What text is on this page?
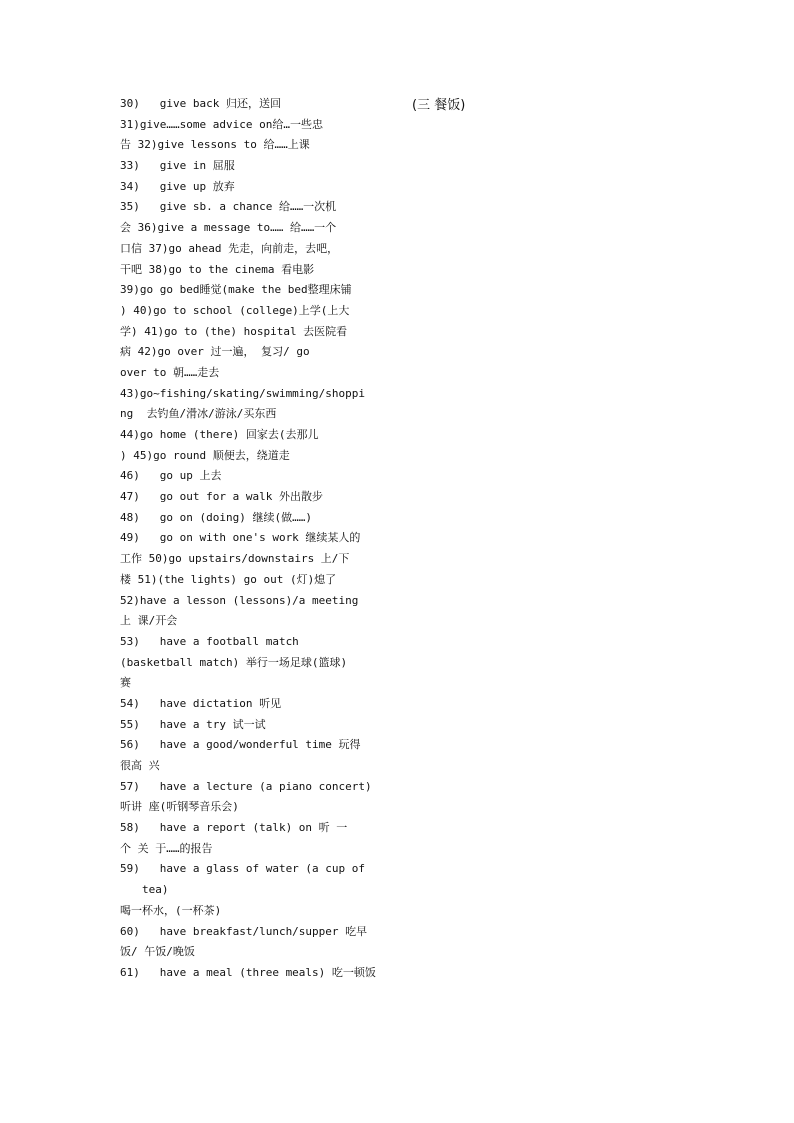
(三 餐饭)
30)   give back 归还，送回
31)give……some advice on给…一些忠
告 32)give lessons to 给……上课
33)   give in 屈服
34)   give up 放弃
35)   give sb. a chance 给……一次机
会 36)give a message to…… 给……一个
口信 37)go ahead 先走，向前走，去吧，
干吧 38)go to the cinema 看电影
39)go go bed睡觉(make the bed整理床铺
) 40)go to school (college)上学(上大
学) 41)go to (the) hospital 去医院看
病 42)go over 过一遍， 复习/ go
over to 朝……走去
43)go~fishing/skating/swimming/shoppi
ng  去钓鱼/滑冰/游泳/买东西
44)go home (there) 回家去(去那儿
) 45)go round 顺便去，绕道走
46)   go up 上去
47)   go out for a walk 外出散步
48)   go on (doing) 继续(做……)
49)   go on with one's work 继续某人的
工作 50)go upstairs/downstairs 上/下
楼 51)(the lights) go out (灯)熄了
52)have a lesson (lessons)/a meeting
上 课/开会
53)   have a football match
(basketball match) 举行一场足球(篮球)
赛
54)   have dictation 听见
55)   have a try 试一试
56)   have a good/wonderful time 玩得
很高 兴
57)   have a lecture (a piano concert)
听讲 座(听钢琴音乐会)
58)   have a report (talk) on 听 一
个 关 于……的报告
59)   have a glass of water (a cup of
tea)
喝一杯水，(一杯茶)
60)   have breakfast/lunch/supper 吃早
饭/ 午饭/晚饭
61)   have a meal (three meals) 吃一顿饭
